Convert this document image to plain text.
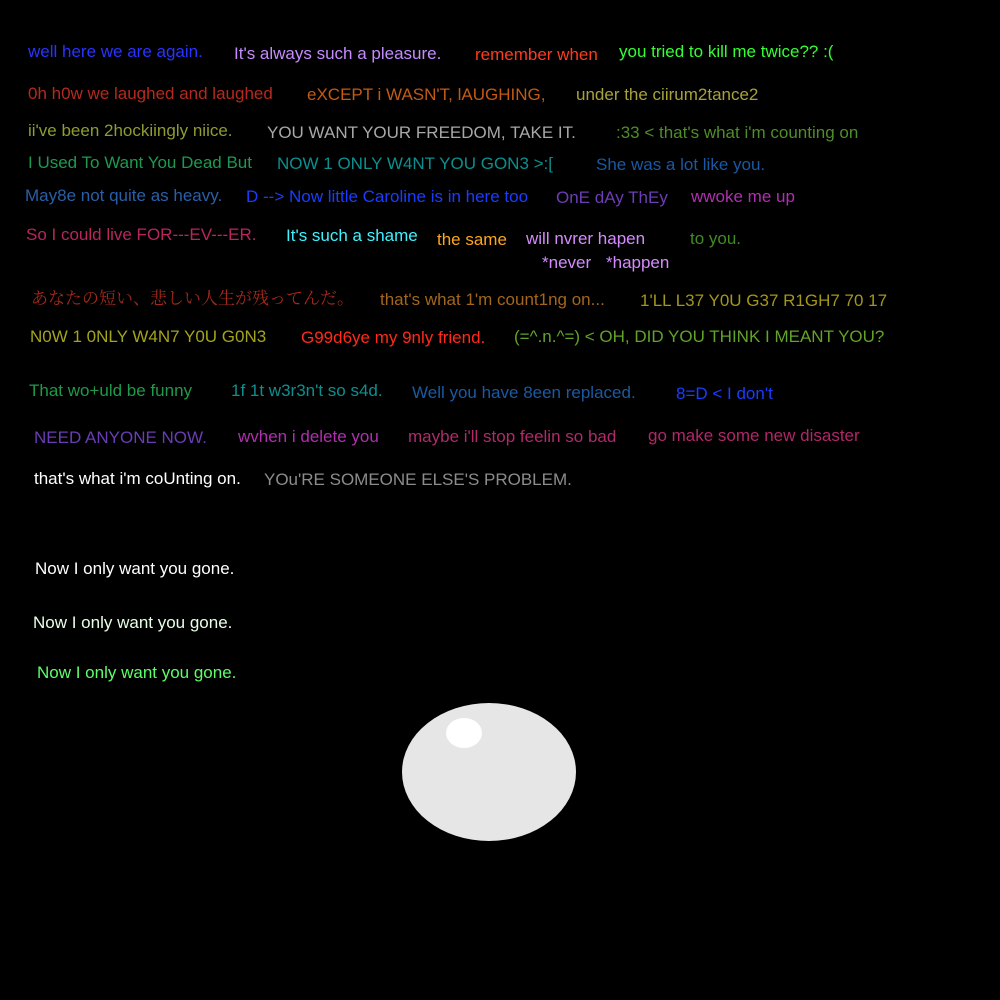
well here we are again. It's always such a pleasure. remember when you tried to kill me twice?? :(
0h h0w we laughed and laughed eXCEPT i WASN'T, lAUGHING, under the ciirum2tance2
ii've been 2hockiingly niice. YOU WANT YOUR FREEDOM, TAKE IT. :33 < that's what i'm counting on
I Used To Want You Dead But NOW 1 ONLY W4NT YOU GON3 >:[	She was a lot like you.
May8e not quite as heavy. D --> Now little Caroline is in here too OnE dAy ThEy wwoke me up
So I could live FOR---EV---ER. It's such a shame the same will nvrer hapen	to you.
*never *happen
あなたの短い、悲しい人生が残ってんだ。 that's what 1'm count1ng on... 1'LL L37 Y0U G37 R1GH7 70 17
N0W 1 0NLY W4N7 Y0U G0N3 G99d6ye my 9nly friend. (=^.n.^=) < OH, DID YOU THINK I MEANT YOU?
That wo+uld be funny 1f 1t w3r3n't so s4d. Well you have 8een replaced. 8=D < I don't
NEED ANYONE NOW. wvhen i delete you maybe i'll stop feelin so bad go make some new disaster
that's what i'm coUnting on. YOu'RE SOMEONE ELSE'S PROBLEM.
Now I only want you gone.
Now I only want you gone.
Now I only want you gone.
